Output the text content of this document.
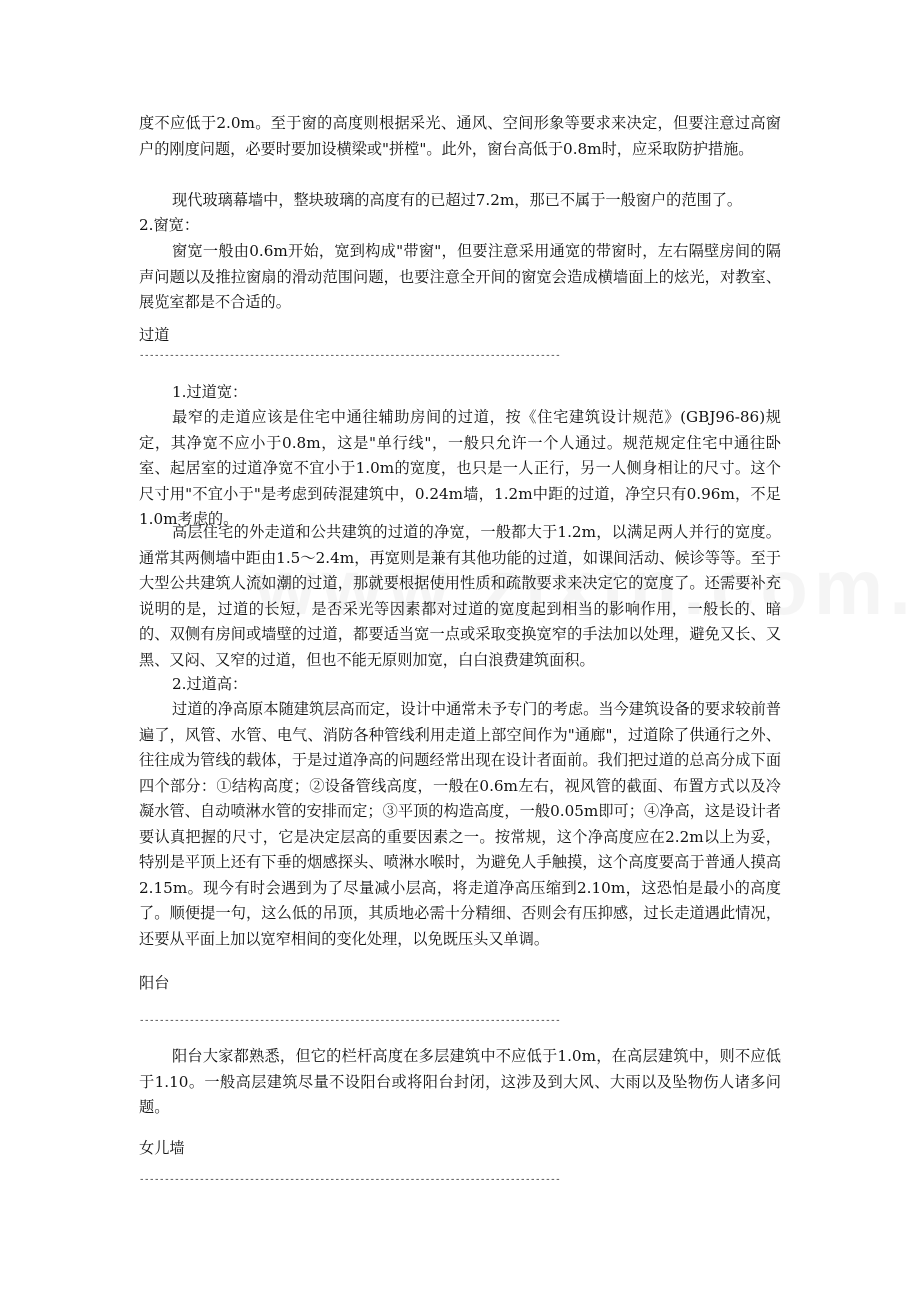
度不应低于2.0m。至于窗的高度则根据采光、通风、空间形象等要求来决定，但要注意过高窗户的刚度问题，必要时要加设横梁或"拼樘"。此外，窗台高低于0.8m时，应采取防护措施。

现代玻璃幕墙中，整块玻璃的高度有的已超过7.2m，那已不属于一般窗户的范围了。

2.窗宽：

窗宽一般由0.6m开始，宽到构成"带窗"，但要注意采用通宽的带窗时，左右隔壁房间的隔声问题以及推拉窗扇的滑动范围问题，也要注意全开间的窗宽会造成横墙面上的炫光，对教室、展览室都是不合适的。

过道

------------------------------------------------------------------------------------

1.过道宽：

最窄的走道应该是住宅中通往辅助房间的过道，按《住宅建筑设计规范》(GBJ96-86)规定，其净宽不应小于0.8m，这是"单行线"，一般只允许一个人通过。规范规定住宅中通往卧室、起居室的过道净宽不宜小于1.0m的宽度，也只是一人正行，另一人侧身相让的尺寸。这个尺寸用"不宜小于"是考虑到砖混建筑中，0.24m墙，1.2m中距的过道，净空只有0.96m，不足1.0m考虑的。

高层住宅的外走道和公共建筑的过道的净宽，一般都大于1.2m，以满足两人并行的宽度。通常其两侧墙中距由1.5～2.4m，再宽则是兼有其他功能的过道，如课间活动、候诊等等。至于大型公共建筑人流如潮的过道，那就要根据使用性质和疏散要求来决定它的宽度了。还需要补充说明的是，过道的长短，是否采光等因素都对过道的宽度起到相当的影响作用，一般长的、暗的、双侧有房间或墙壁的过道，都要适当宽一点或采取变换宽窄的手法加以处理，避免又长、又黑、又闷、又窄的过道，但也不能无原则加宽，白白浪费建筑面积。

2.过道高：

过道的净高原本随建筑层高而定，设计中通常未予专门的考虑。当今建筑设备的要求较前普遍了，风管、水管、电气、消防各种管线利用走道上部空间作为"通廊"，过道除了供通行之外、往往成为管线的载体，于是过道净高的问题经常出现在设计者面前。我们把过道的总高分成下面四个部分：①结构高度；②设备管线高度，一般在0.6m左右，视风管的截面、布置方式以及冷凝水管、自动喷淋水管的安排而定；③平顶的构造高度，一般0.05m即可；④净高，这是设计者要认真把握的尺寸，它是决定层高的重要因素之一。按常规，这个净高度应在2.2m以上为妥，特别是平顶上还有下垂的烟感探头、喷淋水喉时，为避免人手触摸，这个高度要高于普通人摸高2.15m。现今有时会遇到为了尽量减小层高，将走道净高压缩到2.10m，这恐怕是最小的高度了。顺便提一句，这么低的吊顶，其质地必需十分精细、否则会有压抑感，过长走道遇此情况，还要从平面上加以宽窄相间的变化处理，以免既压头又单调。

阳台

------------------------------------------------------------------------------------

阳台大家都熟悉，但它的栏杆高度在多层建筑中不应低于1.0m，在高层建筑中，则不应低于1.10。一般高层建筑尽量不设阳台或将阳台封闭，这涉及到大风、大雨以及坠物伤人诸多问题。

女儿墙

------------------------------------------------------------------------------------
